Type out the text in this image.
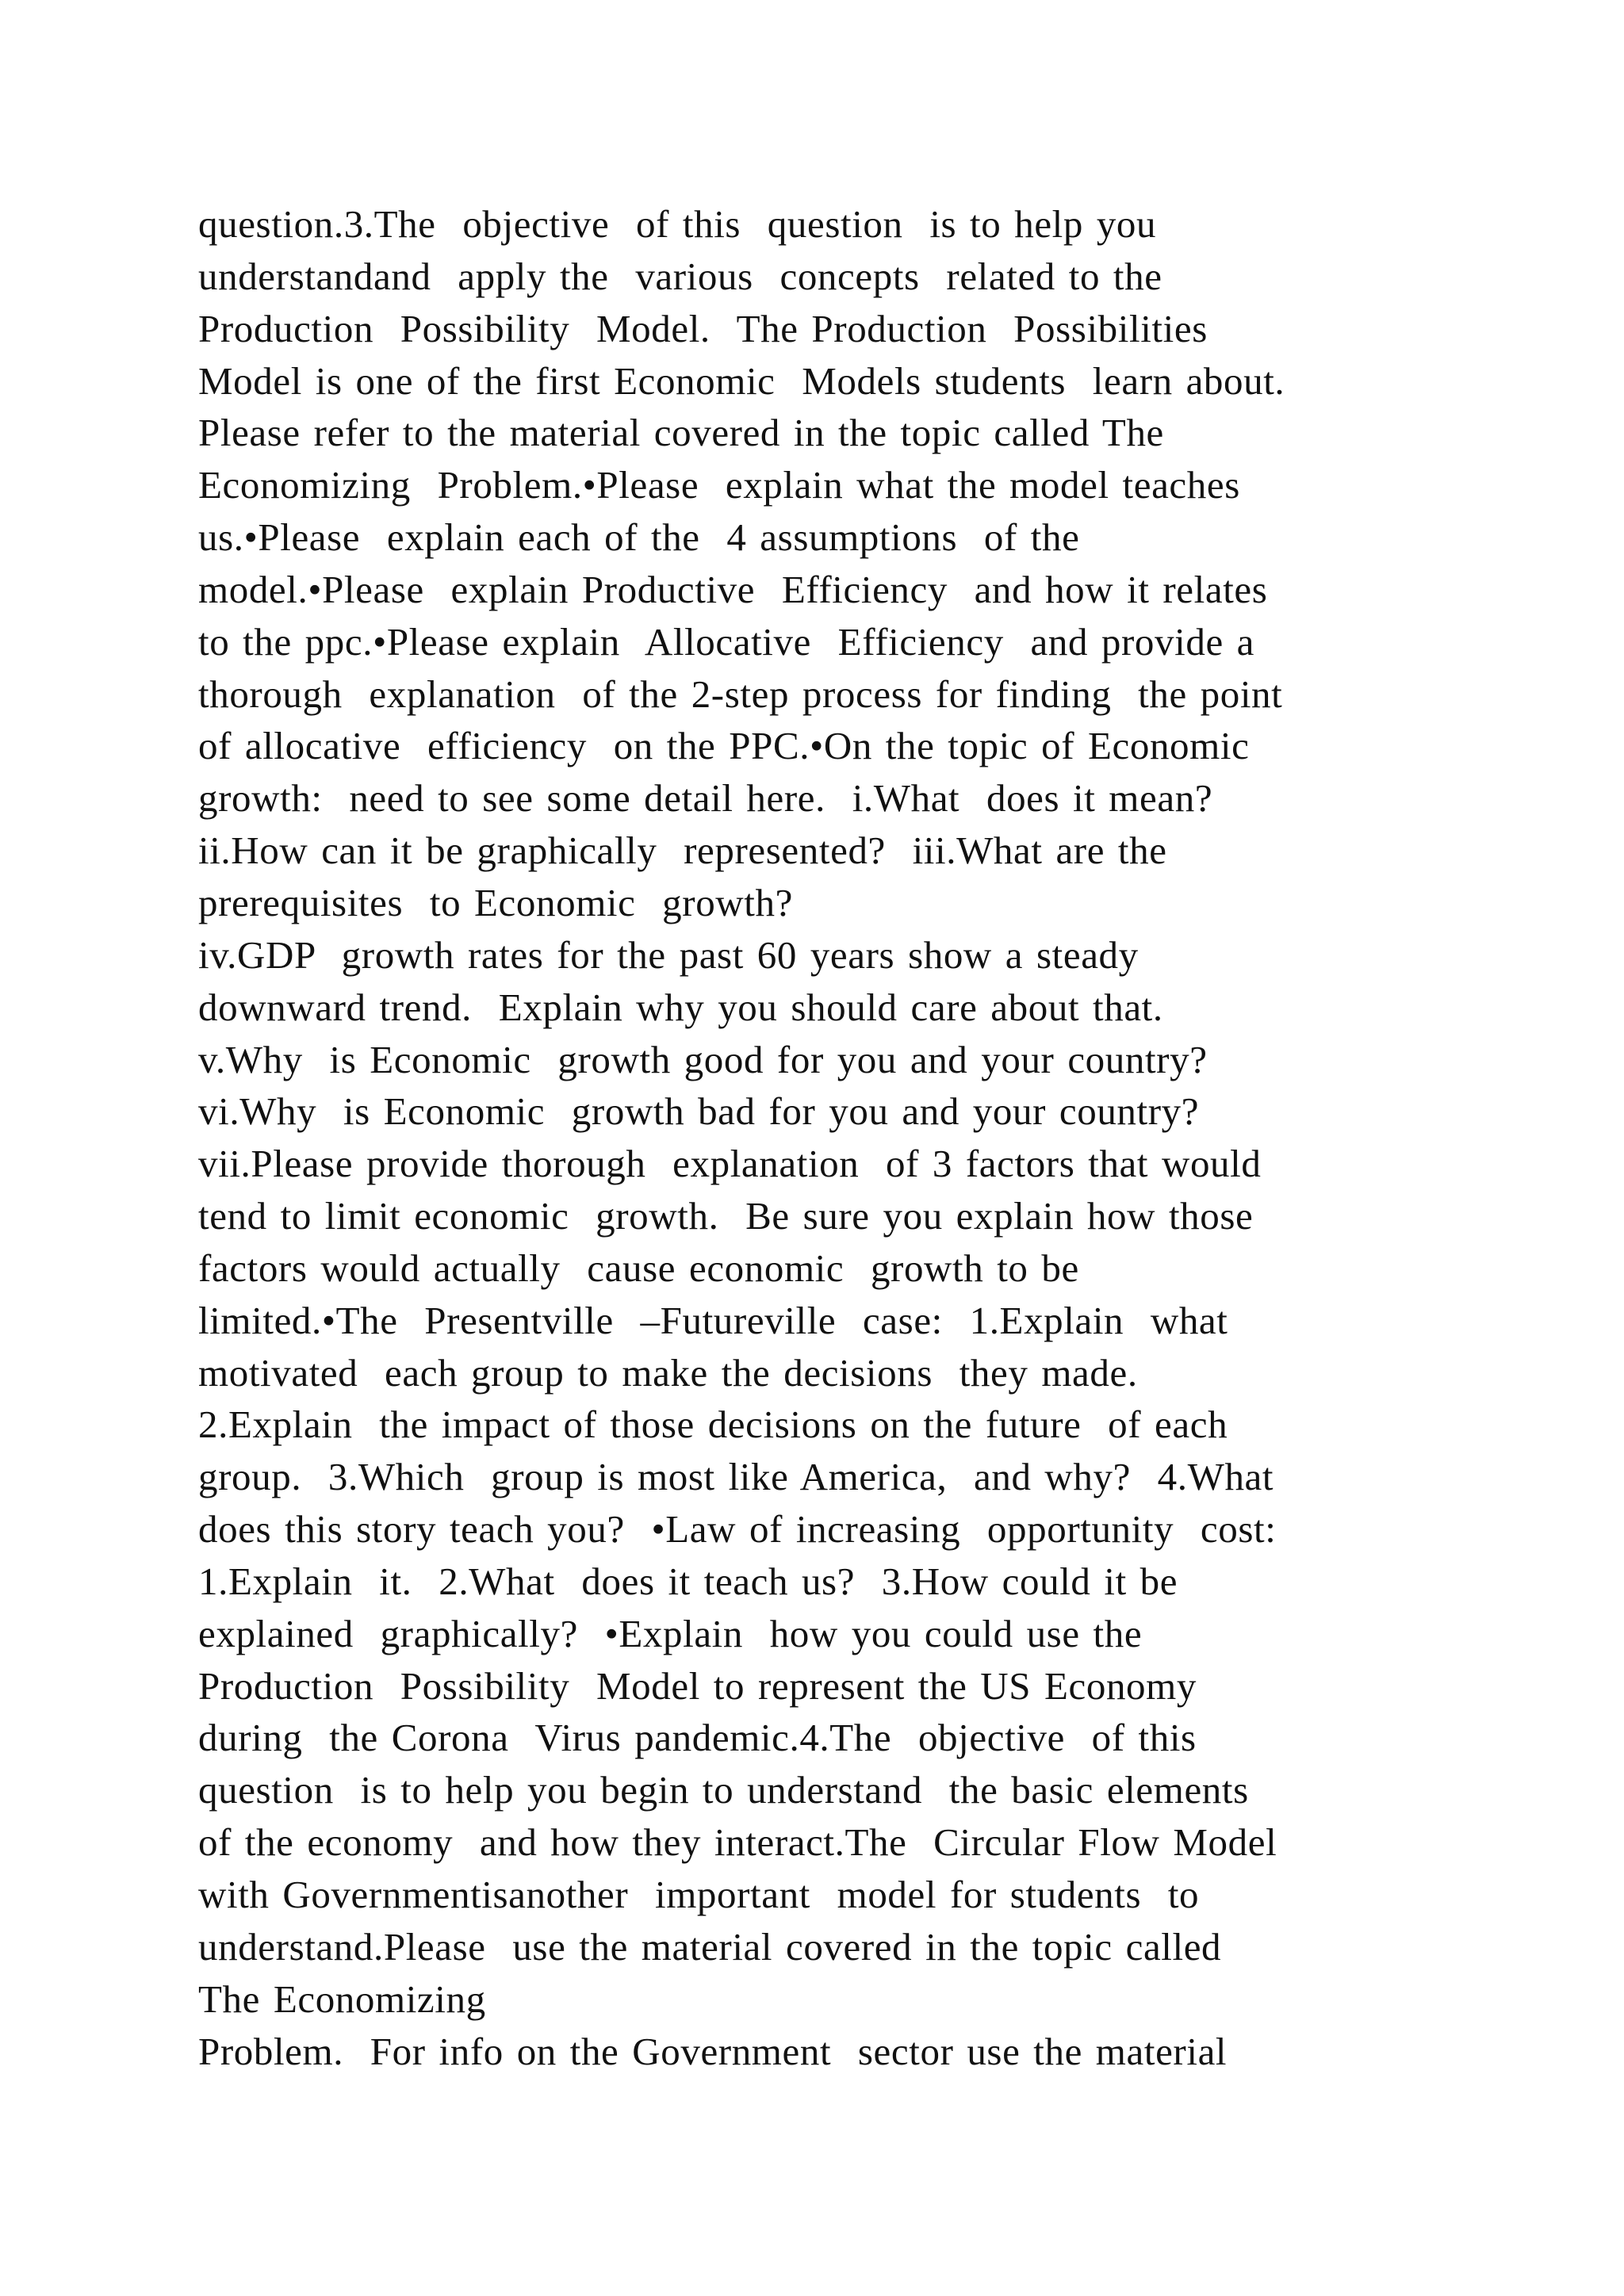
question.3.The  objective  of this  question  is to help you
understandand  apply the  various  concepts  related to the
Production  Possibility  Model.  The Production  Possibilities
Model is one of the first Economic  Models students  learn about.
Please refer to the material covered in the topic called The
Economizing  Problem.•Please  explain what the model teaches
us.•Please  explain each of the  4 assumptions  of the
model.•Please  explain Productive  Efficiency  and how it relates
to the ppc.•Please explain  Allocative  Efficiency  and provide a
thorough  explanation  of the 2-step process for finding  the point
of allocative  efficiency  on the PPC.•On the topic of Economic
growth:  need to see some detail here.  i.What  does it mean?
ii.How can it be graphically  represented?  iii.What are the
prerequisites  to Economic  growth?
iv.GDP  growth rates for the past 60 years show a steady
downward trend.  Explain why you should care about that.
v.Why  is Economic  growth good for you and your country?
vi.Why  is Economic  growth bad for you and your country?
vii.Please provide thorough  explanation  of 3 factors that would
tend to limit economic  growth.  Be sure you explain how those
factors would actually  cause economic  growth to be
limited.•The  Presentville  –Futureville  case:  1.Explain  what
motivated  each group to make the decisions  they made.
2.Explain  the impact of those decisions on the future  of each
group.  3.Which  group is most like America,  and why?  4.What
does this story teach you?  •Law of increasing  opportunity  cost:
1.Explain  it.  2.What  does it teach us?  3.How could it be
explained  graphically?  •Explain  how you could use the
Production  Possibility  Model to represent the US Economy
during  the Corona  Virus pandemic.4.The  objective  of this
question  is to help you begin to understand  the basic elements
of the economy  and how they interact.The  Circular Flow Model
with Governmentisanother  important  model for students  to
understand.Please  use the material covered in the topic called
The Economizing
Problem.  For info on the Government  sector use the material
